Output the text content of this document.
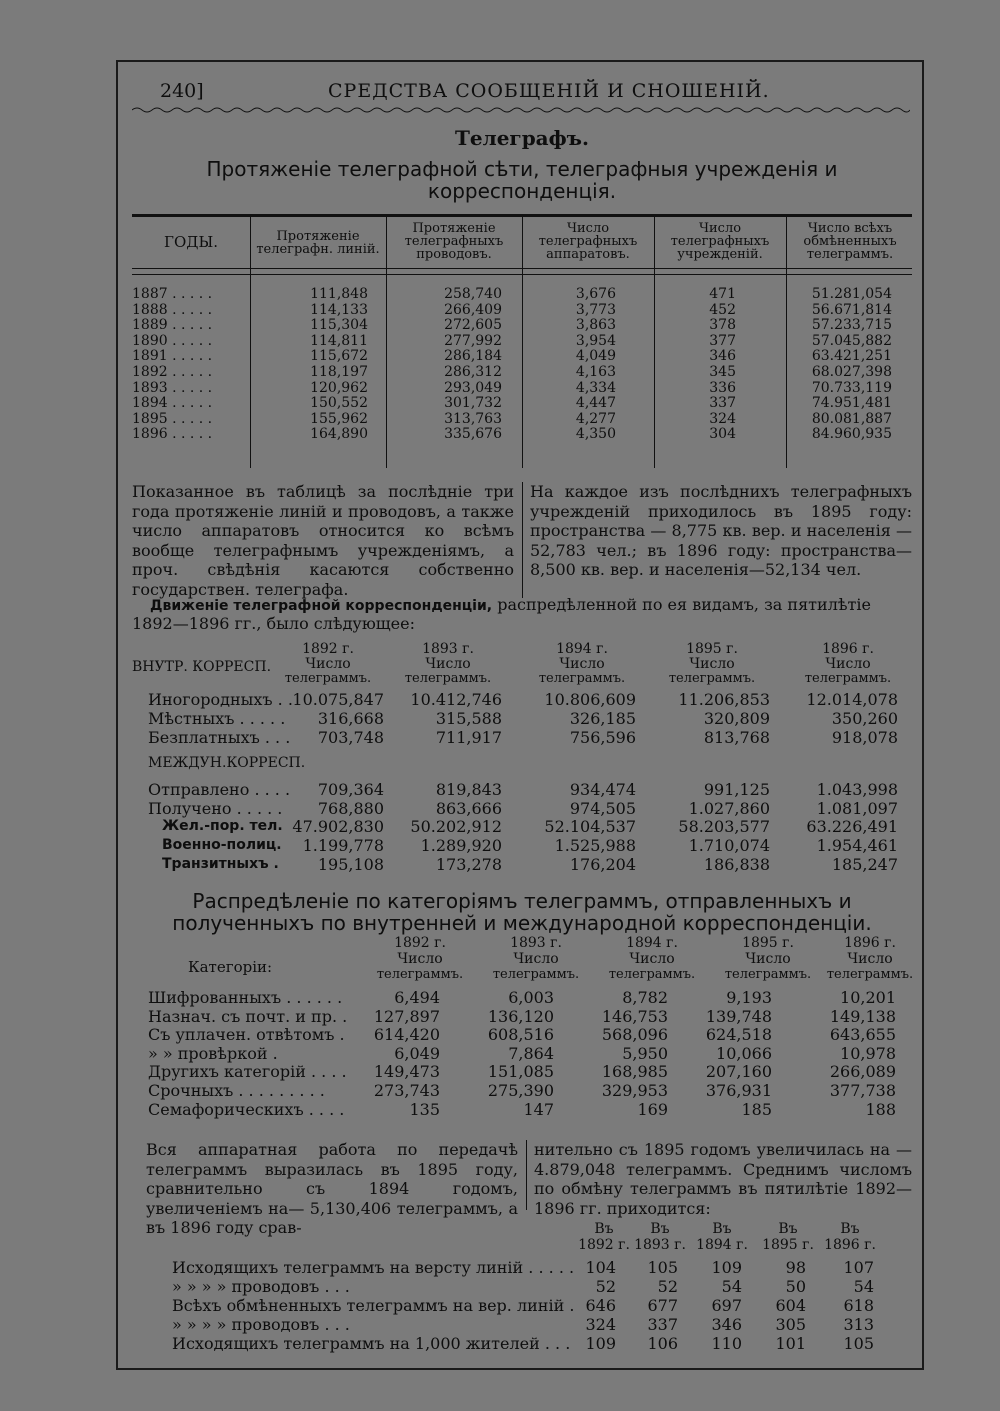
240]	СРЕДСТВА СООБЩЕНІЙ И СНОШЕНІЙ.
Телеграфъ.
Протяженіе телеграфной сѣти, телеграфныя учрежденія и корреспонденція.
ГОДЫ.	Протяженіе телеграфн. линій.
Протяженіе телеграфныхъ проводовъ.
Число телеграфныхъ аппаратовъ.
Число телеграфныхъ учрежденій.
Число всѣхъ обмѣненныхъ телеграммъ.
1887 . . . . .	111,848	258,740	3,676	471	51.281,054
1888 . . . . .	114,133	266,409	3,773	452	56.671,814
1889 . . . . .	115,304	272,605	3,863	378	57.233,715
1890 . . . . .	114,811	277,992	3,954	377	57.045,882
1891 . . . . .	115,672	286,184	4,049	346	63.421,251
1892 . . . . .	118,197	286,312	4,163	345	68.027,398
1893 . . . . .	120,962	293,049	4,334	336	70.733,119
1894 . . . . .	150,552	301,732	4,447	337	74.951,481
1895 . . . . .	155,962	313,763	4,277	324	80.081,887
1896 . . . . .	164,890	335,676	4,350	304	84.960,935
Показанное въ таблицѣ за послѣдніе три года протяженіе линій и проводовъ, а также число аппаратовъ относится ко всѣмъ вообще телеграфнымъ учрежденіямъ, а проч. свѣдѣнія касаются собственно государствен. телеграфа.
На каждое изъ послѣднихъ телеграфныхъ учрежденій приходилось въ 1895 году: пространства — 8,775 кв. вер. и населенія — 52,783 чел.; въ 1896 году: пространства— 8,500 кв. вер. и населенія—52,134 чел.
Движеніе телеграфной корреспонденціи, распредѣленной по ея видамъ, за пятилѣтіе
1892—1896 гг., было слѣдующее:
ВНУТР. КОРРЕСП.
1892 г.
Число
телеграммъ.
1893 г.
Число
телеграммъ.
1894 г.
Число
телеграммъ.
1895 г.
Число
телеграммъ.
1896 г.
Число
телеграммъ.
Иногородныхъ . . 10.075,847	10.412,746	10.806,609	11.206,853	12.014,078
Мѣстныхъ . . . . .	316,668	315,588	326,185	320,809	350,260
Безплатныхъ . . .	703,748	711,917	756,596	813,768	918,078
МЕЖДУН.КОРРЕСП.
Отправлено . . . .	709,364	819,843	934,474	991,125	1.043,998
Получено . . . . .	768,880	863,666	974,505	1.027,860	1.081,097
Жел.-пор. тел. 47.902,830	50.202,912	52.104,537	58.203,577	63.226,491
Военно-полиц.	1.199,778	1.289,920	1.525,988	1.710,074	1.954,461
Транзитныхъ .	195,108	173,278	176,204	186,838	185,247
Распредѣленіе по категоріямъ телеграммъ, отправленныхъ и полученныхъ по внутренней и международной корреспонденціи.
Категоріи:
1892 г.
Число
телеграммъ.
1893 г.
Число
телеграммъ.
1894 г.
Число
телеграммъ.
1895 г.
Число
телеграммъ.
1896 г.
Число
телеграммъ.
Шифрованныхъ . . . . . .	6,494	6,003	8,782	9,193	10,201
Назнач. съ почт. и пр. .	127,897	136,120	146,753	139,748	149,138
Съ уплачен. отвѣтомъ .	614,420	608,516	568,096	624,518	643,655
» » провѣркой .	6,049	7,864	5,950	10,066	10,978
Другихъ категорій . . . .	149,473	151,085	168,985	207,160	266,089
Срочныхъ . . . . . . . . .	273,743	275,390	329,953	376,931	377,738
Семафорическихъ . . . .	135	147	169	185	188
Вся аппаратная работа по передачѣ телеграммъ выразилась въ 1895 году, сравнительно съ 1894 годомъ, увеличеніемъ на— 5,130,406 телеграммъ, а въ 1896 году срав-
нительно съ 1895 годомъ увеличилась на — 4.879,048 телеграммъ. Среднимъ числомъ по обмѣну телеграммъ въ пятилѣтіе 1892— 1896 гг. приходится:
Въ
1892 г.
Въ
1893 г.
Въ
1894 г.
Въ
1895 г.
Въ
1896 г.
Исходящихъ телеграммъ на версту линій . . . . . 104	105	109	98	107
» » » » проводовъ . . .	52	52	54	50	54
Всѣхъ обмѣненныхъ телеграммъ на вер. линій . 646	677	697	604	618
» » » » проводовъ . . .	324	337	346	305	313
Исходящихъ телеграммъ на 1,000 жителей . . . 109	106	110	101	105
